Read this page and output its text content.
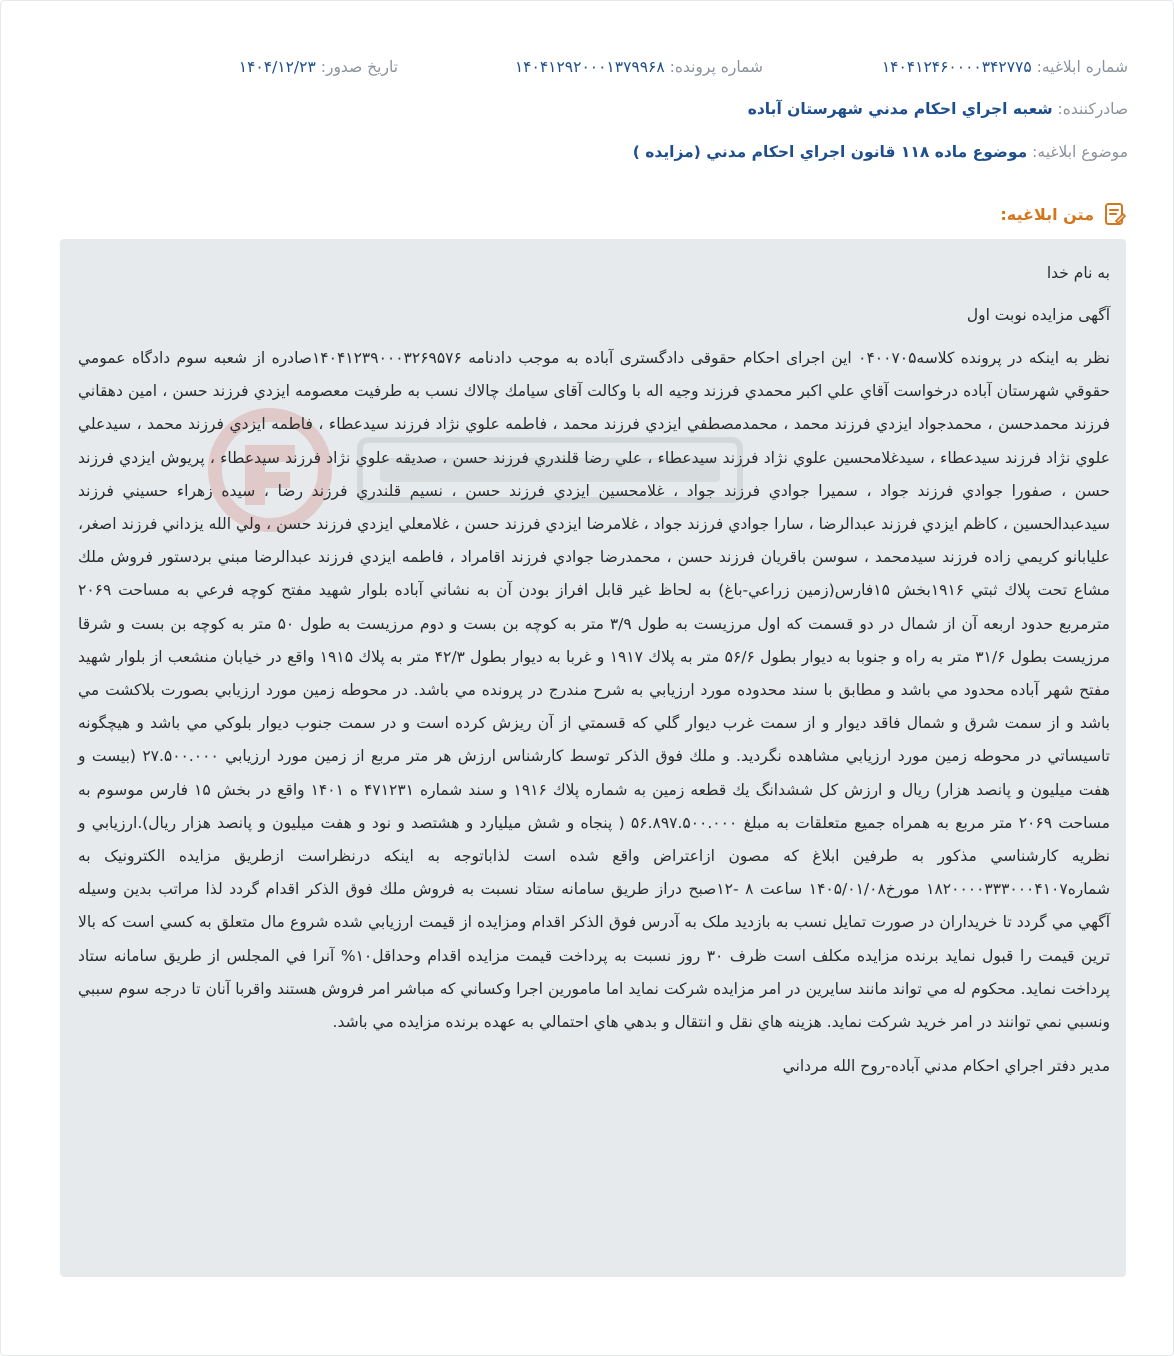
شماره ابلاغیه: ۱۴۰۴۱۲۴۶۰۰۰۰۳۴۲۷۷۵
شماره پرونده: ۱۴۰۴۱۲۹۲۰۰۰۱۳۷۹۹۶۸
تاریخ صدور: ۱۴۰۴/۱۲/۲۳
صادرکننده: شعبه اجراي احكام مدني شهرستان آباده
موضوع ابلاغیه: موضوع ماده ۱۱۸ قانون اجراي احكام مدني (مزايده )
متن ابلاغیه:

به نام خدا

آگهی مزایده نوبت اول

نظر به اینکه در پرونده کلاسه۰۴۰۰۷۰۵ این اجرای احکام حقوقی دادگستری آباده به موجب دادنامه ۱۴۰۴۱۲۳۹۰۰۰۳۲۶۹۵۷۶صادره از شعبه سوم دادگاه عمومي حقوقي شهرستان آباده درخواست آقاي علي اكبر محمدي فرزند وجيه اله با وکالت آقای سیامك چالاك نسب به طرفيت معصومه ايزدي فرزند حسن ، امين دهقاني فرزند محمدحسن ، محمدجواد ايزدي فرزند محمد ، محمدمصطفي ايزدي فرزند محمد ، فاطمه علوي نژاد فرزند سيدعطاء ، فاطمه ايزدي فرزند محمد ، سيدعلي علوي نژاد فرزند سيدعطاء ، سيدغلامحسين علوي نژاد فرزند سيدعطاء ، علي رضا قلندري فرزند حسن ، صديقه علوي نژاد فرزند سيدعطاء ، پريوش ايزدي فرزند حسن ، صفورا جوادي فرزند جواد ، سميرا جوادي فرزند جواد ، غلامحسين ايزدي فرزند حسن ، نسيم قلندري فرزند رضا ، سيده زهراء حسيني فرزند سيدعبدالحسين ، كاظم ايزدي فرزند عبدالرضا ، سارا جوادي فرزند جواد ، غلامرضا ايزدي فرزند حسن ، غلامعلي ايزدي فرزند حسن ، ولي الله يزداني فرزند اصغر، عليابانو كريمي زاده فرزند سيدمحمد ، سوسن باقريان فرزند حسن ، محمدرضا جوادي فرزند اقامراد ، فاطمه ايزدي فرزند عبدالرضا مبني بردستور فروش ملك مشاع تحت پلاك ثبتي ۱۹۱۶بخش ۱۵فارس(زمين زراعي-باغ) به لحاظ غير قابل افراز بودن آن به نشاني آباده بلوار شهيد مفتح كوچه فرعي به مساحت ۲۰۶۹ مترمربع حدود اربعه آن از شمال در دو قسمت كه اول مرزيست به طول ۳/۹ متر به كوچه بن بست و دوم مرزيست به طول ۵۰ متر به كوچه بن بست و شرقا مرزيست بطول ۳۱/۶ متر به راه و جنوبا به ديوار بطول ۵۶/۶ متر به پلاك ۱۹۱۷ و غربا به ديوار بطول ۴۲/۳ متر به پلاك ۱۹۱۵ واقع در خيابان منشعب از بلوار شهيد مفتح شهر آباده محدود مي باشد و مطابق با سند محدوده مورد ارزيابي به شرح مندرج در پرونده مي باشد. در محوطه زمين مورد ارزيابي بصورت بلاكشت مي باشد و از سمت شرق و شمال فاقد ديوار و از سمت غرب ديوار گلي كه قسمتي از آن ريزش كرده است و در سمت جنوب ديوار بلوكي مي باشد و هيچگونه تاسيساتي در محوطه زمين مورد ارزيابي مشاهده نگرديد. و ملك فوق الذكر توسط كارشناس ارزش هر متر مربع از زمين مورد ارزيابي ۲۷.۵۰۰.۰۰۰ (بيست و هفت ميليون و پانصد هزار) ريال و ارزش كل ششدانگ يك قطعه زمين به شماره پلاك ۱۹۱۶ و سند شماره ۴۷۱۲۳۱ ه ۱۴۰۱ واقع در بخش ۱۵ فارس موسوم به مساحت ۲۰۶۹ متر مربع به همراه جميع متعلقات به مبلغ ۵۶.۸۹۷.۵۰۰.۰۰۰ ( پنجاه و شش ميليارد و هشتصد و نود و هفت ميليون و پانصد هزار ريال).ارزيابي و نظريه كارشناسي مذكور به طرفين ابلاغ كه مصون ازاعتراض واقع شده است لذاباتوجه به اينكه درنظراست ازطريق مزايده الكترونيک به شماره۱۸۲۰۰۰۰۳۳۳۰۰۰۴۱۰۷ مورخ۱۴۰۵/۰۱/۰۸ ساعت ۸ -۱۲صبح دراز طريق سامانه ستاد نسبت به فروش ملك فوق الذكر اقدام گردد لذا مراتب بدين وسيله آگهي مي گردد تا خريداران در صورت تمايل نسب به بازديد ملک به آدرس فوق الذكر اقدام ومزايده از قيمت ارزيابي شده شروع مال متعلق به كسي است كه بالا ترين قيمت را قبول نمايد برنده مزايده مكلف است ظرف ۳۰ روز نسبت به پرداخت قيمت مزايده اقدام وحداقل۱۰% آنرا في المجلس از طريق سامانه ستاد پرداخت نمايد. محكوم له مي تواند مانند سايرين در امر مزايده شركت نمايد اما مامورين اجرا وكساني كه مباشر امر فروش هستند واقربا آنان تا درجه سوم سببي ونسبي نمي توانند در امر خريد شركت نمايد. هزينه هاي نقل و انتقال و بدهي هاي احتمالي به عهده برنده مزايده مي باشد.

مدير دفتر اجراي احكام مدني آباده-روح الله مرداني
